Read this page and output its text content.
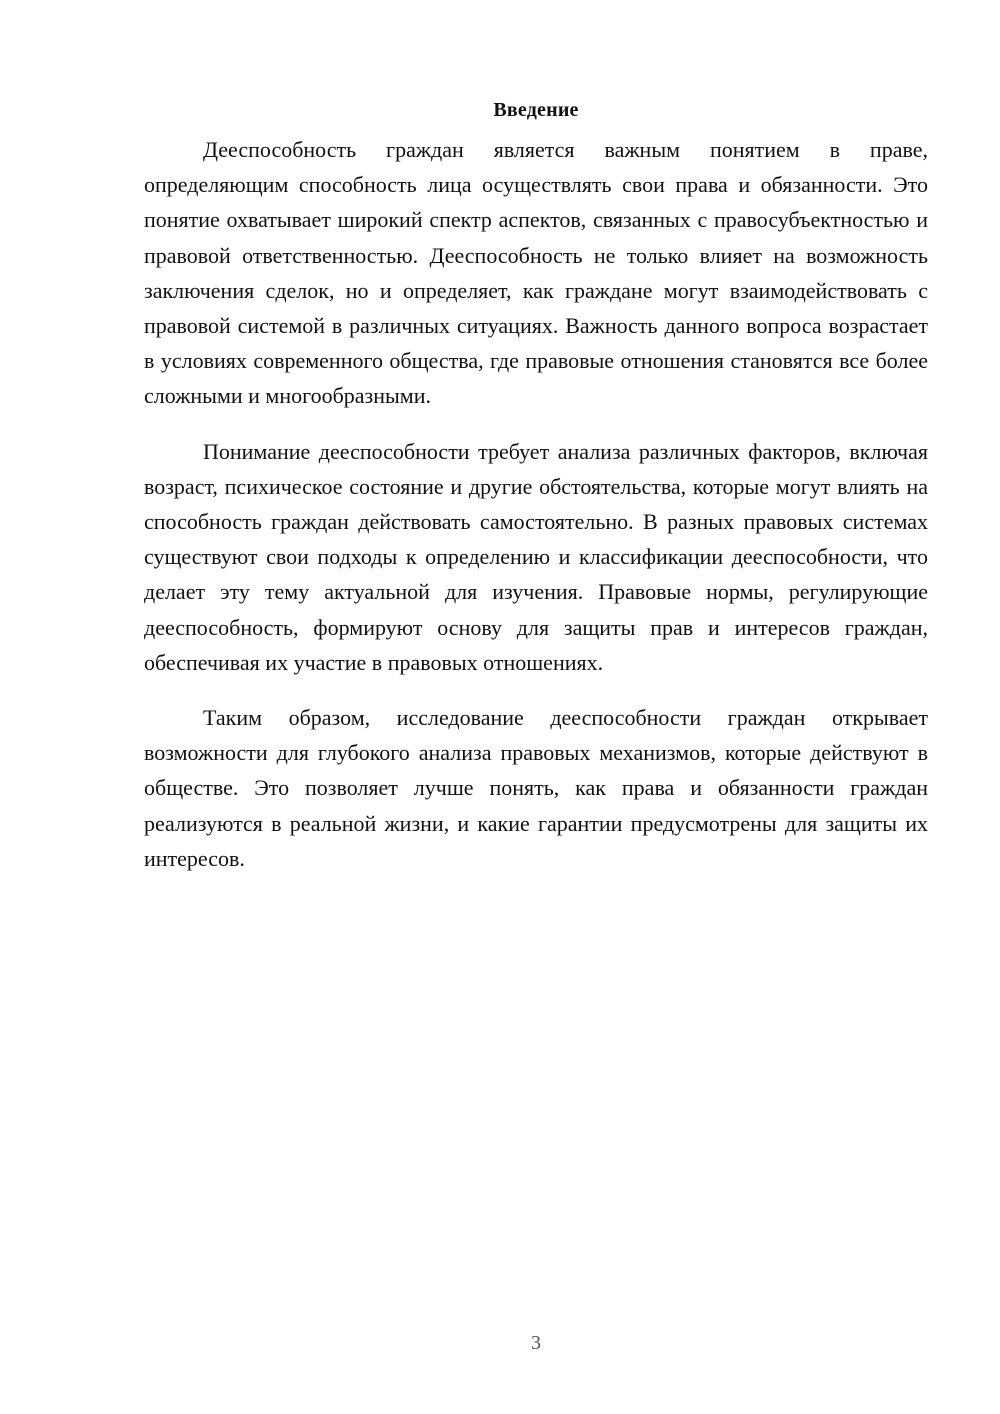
Введение

Дееспособность граждан является важным понятием в праве, определяющим способность лица осуществлять свои права и обязанности. Это понятие охватывает широкий спектр аспектов, связанных с правосубъектностью и правовой ответственностью. Дееспособность не только влияет на возможность заключения сделок, но и определяет, как граждане могут взаимодействовать с правовой системой в различных ситуациях. Важность данного вопроса возрастает в условиях современного общества, где правовые отношения становятся все более сложными и многообразными.

Понимание дееспособности требует анализа различных факторов, включая возраст, психическое состояние и другие обстоятельства, которые могут влиять на способность граждан действовать самостоятельно. В разных правовых системах существуют свои подходы к определению и классификации дееспособности, что делает эту тему актуальной для изучения. Правовые нормы, регулирующие дееспособность, формируют основу для защиты прав и интересов граждан, обеспечивая их участие в правовых отношениях.

Таким образом, исследование дееспособности граждан открывает возможности для глубокого анализа правовых механизмов, которые действуют в обществе. Это позволяет лучше понять, как права и обязанности граждан реализуются в реальной жизни, и какие гарантии предусмотрены для защиты их интересов.

3
